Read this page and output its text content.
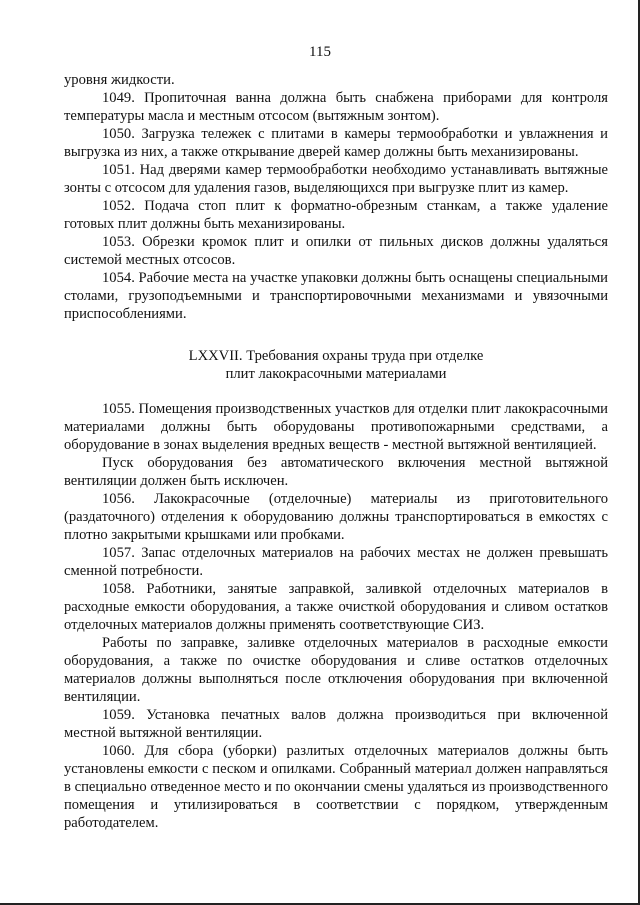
115

уровня жидкости.

1049. Пропиточная ванна должна быть снабжена приборами для контроля температуры масла и местным отсосом (вытяжным зонтом).

1050. Загрузка тележек с плитами в камеры термообработки и увлажнения и выгрузка из них, а также открывание дверей камер должны быть механизированы.

1051. Над дверями камер термообработки необходимо устанавливать вытяжные зонты с отсосом для удаления газов, выделяющихся при выгрузке плит из камер.

1052. Подача стоп плит к форматно-обрезным станкам, а также удаление готовых плит должны быть механизированы.

1053. Обрезки кромок плит и опилки от пильных дисков должны удаляться системой местных отсосов.

1054. Рабочие места на участке упаковки должны быть оснащены специальными столами, грузоподъемными и транспортировочными механизмами и увязочными приспособлениями.

LXXVII. Требования охраны труда при отделке
плит лакокрасочными материалами

1055. Помещения производственных участков для отделки плит лакокрасочными материалами должны быть оборудованы противопожарными средствами, а оборудование в зонах выделения вредных веществ - местной вытяжной вентиляцией.

Пуск оборудования без автоматического включения местной вытяжной вентиляции должен быть исключен.

1056. Лакокрасочные (отделочные) материалы из приготовительного (раздаточного) отделения к оборудованию должны транспортироваться в емкостях с плотно закрытыми крышками или пробками.

1057. Запас отделочных материалов на рабочих местах не должен превышать сменной потребности.

1058. Работники, занятые заправкой, заливкой отделочных материалов в расходные емкости оборудования, а также очисткой оборудования и сливом остатков отделочных материалов должны применять соответствующие СИЗ.

Работы по заправке, заливке отделочных материалов в расходные емкости оборудования, а также по очистке оборудования и сливе остатков отделочных материалов должны выполняться после отключения оборудования при включенной вентиляции.

1059. Установка печатных валов должна производиться при включенной местной вытяжной вентиляции.

1060. Для сбора (уборки) разлитых отделочных материалов должны быть установлены емкости с песком и опилками. Собранный материал должен направляться в специально отведенное место и по окончании смены удаляться из производственного помещения и утилизироваться в соответствии с порядком, утвержденным работодателем.
